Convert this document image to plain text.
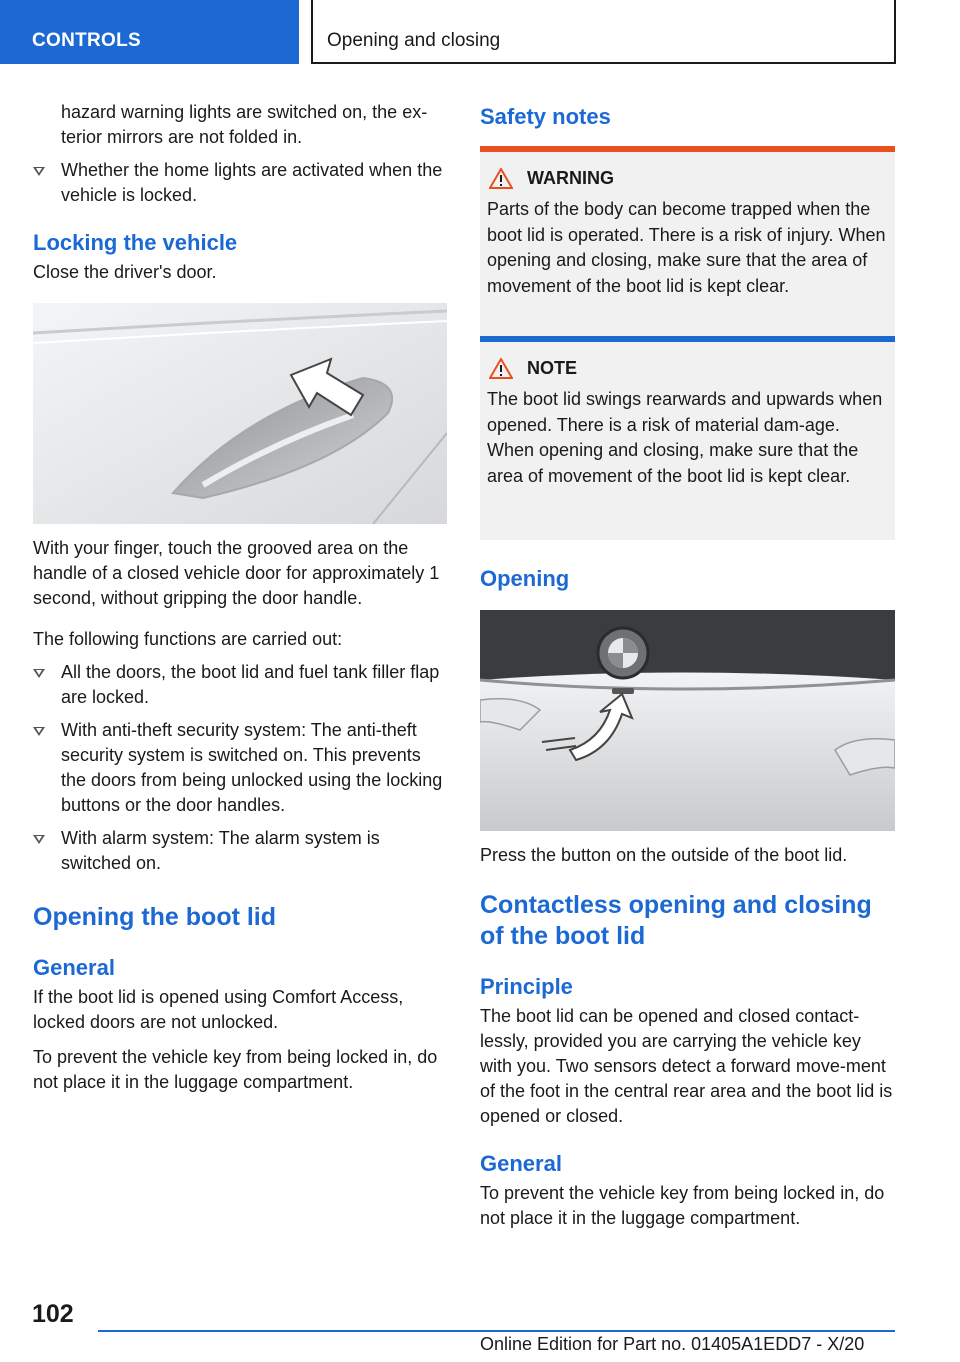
CONTROLS	Opening and closing
hazard warning lights are switched on, the ex-terior mirrors are not folded in.
Whether the home lights are activated when the vehicle is locked.
Locking the vehicle

Close the driver's door.

With your finger, touch the grooved area on the handle of a closed vehicle door for approximately 1 second, without gripping the door handle.

The following functions are carried out:

All the doors, the boot lid and fuel tank filler flap are locked.
With anti-theft security system: The anti-theft security system is switched on. This prevents the doors from being unlocked using the locking buttons or the door handles.
With alarm system: The alarm system is switched on.
Opening the boot lid
General

If the boot lid is opened using Comfort Access, locked doors are not unlocked.

To prevent the vehicle key from being locked in, do not place it in the luggage compartment.

Safety notes
WARNING
Parts of the body can become trapped when the boot lid is operated. There is a risk of injury. When opening and closing, make sure that the area of movement of the boot lid is kept clear.
NOTE
The boot lid swings rearwards and upwards when opened. There is a risk of material dam-age. When opening and closing, make sure that the area of movement of the boot lid is kept clear.
Opening

Press the button on the outside of the boot lid.

Contactless opening and closing of the boot lid
Principle

The boot lid can be opened and closed contact-lessly, provided you are carrying the vehicle key with you. Two sensors detect a forward move-ment of the foot in the central rear area and the boot lid is opened or closed.

General

To prevent the vehicle key from being locked in, do not place it in the luggage compartment.

102
Online Edition for Part no. 01405A1EDD7 - X/20
